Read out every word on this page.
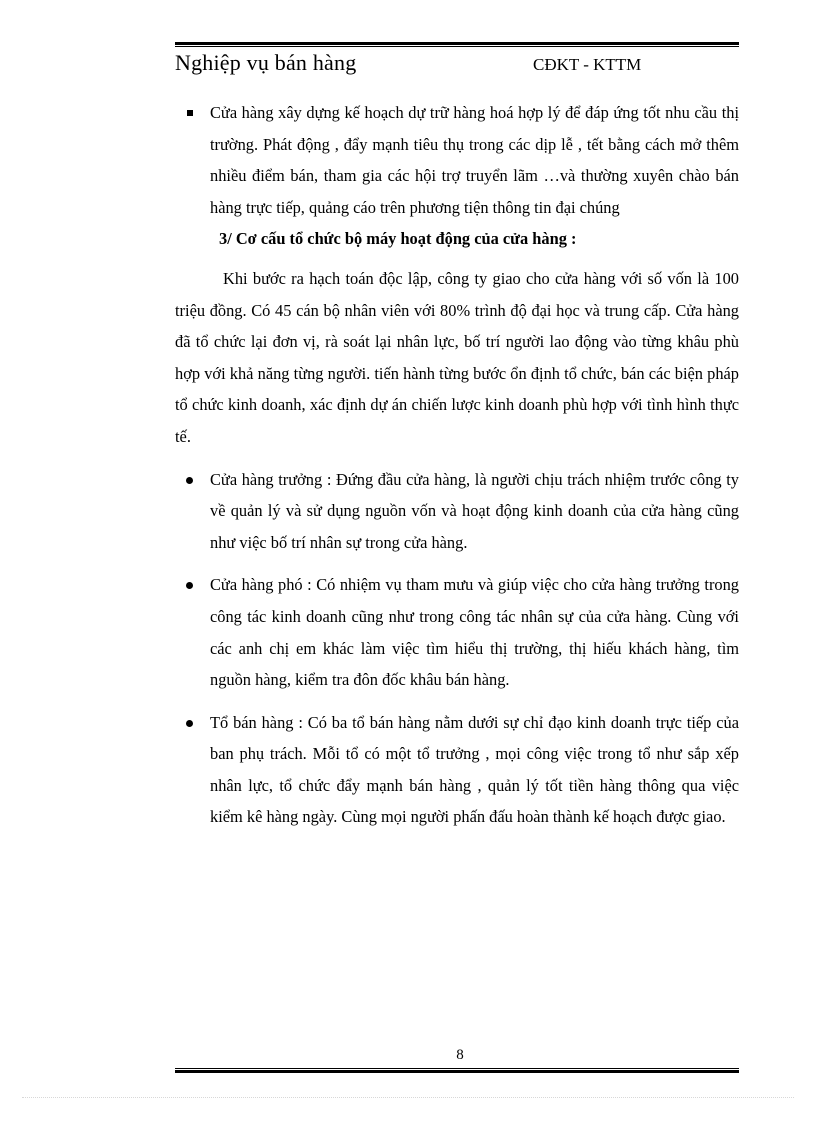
Nghiệp vụ bán hàng	CĐKT - KTTM
Cửa hàng xây dựng kế hoạch dự trữ hàng hoá hợp lý để đáp ứng tốt nhu cầu thị trường. Phát động , đẩy mạnh tiêu thụ trong các dịp lễ , tết bằng cách mở thêm nhiều điểm bán, tham gia các hội trợ truyển lãm …và thường xuyên chào bán hàng trực tiếp, quảng cáo trên phương tiện thông tin đại chúng
3/ Cơ cấu tổ chức bộ máy hoạt động của cửa hàng :
Khi bước ra hạch toán độc lập, công ty giao cho cửa hàng với số vốn là 100 triệu đồng. Có 45 cán bộ nhân viên với 80% trình độ đại học và trung cấp. Cửa hàng đã tổ chức lại đơn vị, rà soát lại nhân lực, bố trí người lao động vào từng khâu phù hợp với khả năng từng người. tiến hành từng bước ổn định tổ chức, bán các biện pháp tổ chức kinh doanh, xác định dự án chiến lược kinh doanh phù hợp với tình hình thực tế.
Cửa hàng trưởng : Đứng đầu cửa hàng, là người chịu trách nhiệm trước công ty về quản lý và sử dụng nguồn vốn và hoạt động kinh doanh của cửa hàng cũng như việc bố trí nhân sự trong cửa hàng.
Cửa hàng phó : Có nhiệm vụ tham mưu và giúp việc cho cửa hàng trưởng trong công tác kinh doanh cũng như trong công tác nhân sự của cửa hàng. Cùng với các anh chị em khác làm việc tìm hiểu thị trường, thị hiếu khách hàng, tìm nguồn hàng, kiểm tra đôn đốc khâu bán hàng.
Tổ bán hàng : Có ba tổ bán hàng nằm dưới sự chỉ đạo kinh doanh trực tiếp của ban phụ trách. Mỗi tổ có một tổ trưởng , mọi công việc trong tổ như sắp xếp nhân lực, tổ chức đẩy mạnh bán hàng , quản lý tốt tiền hàng thông qua việc kiểm kê hàng ngày. Cùng mọi người phấn đấu hoàn thành kế hoạch được giao.
8
